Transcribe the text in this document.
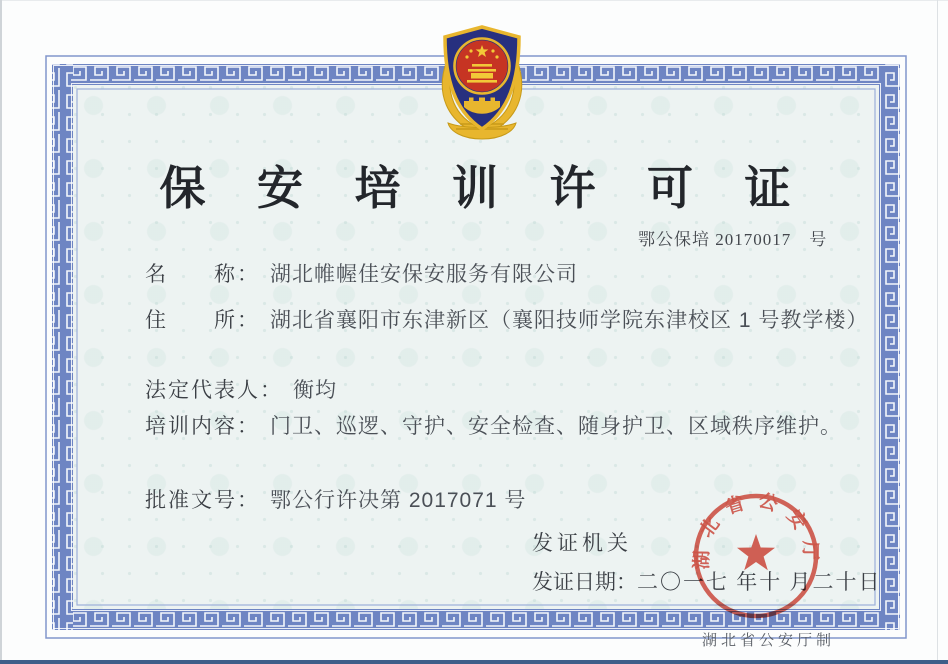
保 安 培 训 许 可 证
鄂公保培 20170017　号
名　　称： 湖北帷幄佳安保安服务有限公司
住　　所： 湖北省襄阳市东津新区（襄阳技师学院东津校区 1 号教学楼）
法定代表人： 衡均
培训内容： 门卫、巡逻、守护、安全检查、随身护卫、区域秩序维护。
批准文号： 鄂公行许决第 2017071 号
发证机关
发证日期：二〇一七 年十 月二十日
湖北省公安厅
湖北省公安厅制
